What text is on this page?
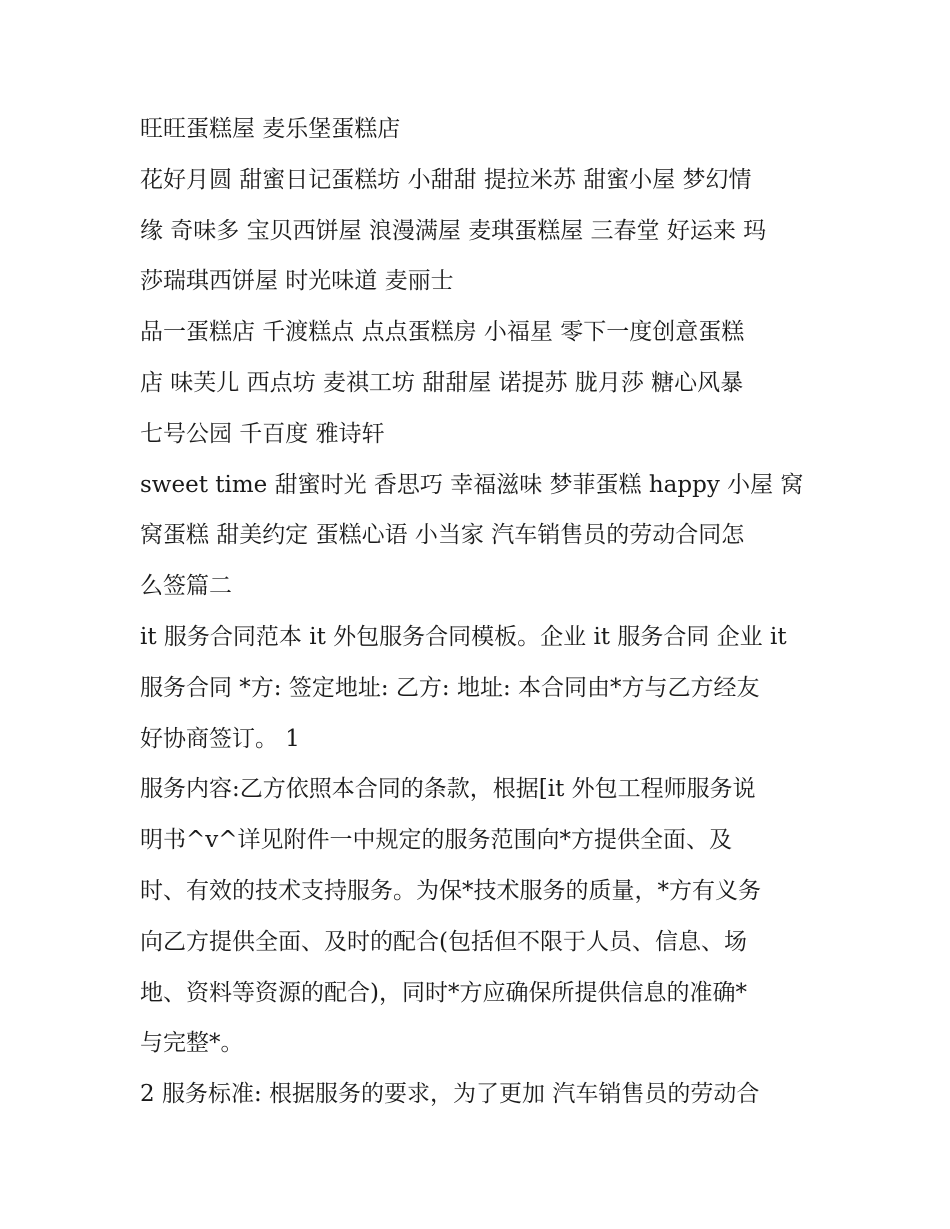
旺旺蛋糕屋 麦乐堡蛋糕店

花好月圆 甜蜜日记蛋糕坊 小甜甜 提拉米苏 甜蜜小屋 梦幻情
缘 奇味多 宝贝西饼屋 浪漫满屋 麦琪蛋糕屋 三春堂 好运来 玛
莎瑞琪西饼屋 时光味道 麦丽士

品一蛋糕店 千渡糕点 点点蛋糕房 小福星 零下一度创意蛋糕
店 味芙儿 西点坊 麦祺工坊 甜甜屋 诺提苏 胧月莎 糖心风暴
七号公园 千百度 雅诗轩

sweet time 甜蜜时光 香思巧 幸福滋味 梦菲蛋糕 happy 小屋 窝
窝蛋糕 甜美约定 蛋糕心语 小当家 汽车销售员的劳动合同怎
么签篇二

it 服务合同范本 it 外包服务合同模板。企业 it 服务合同 企业 it
服务合同 *方: 签定地址: 乙方: 地址: 本合同由*方与乙方经友
好协商签订。 1

服务内容:乙方依照本合同的条款，根据[it 外包工程师服务说
明书^v^详见附件一中规定的服务范围向*方提供全面、及
时、有效的技术支持服务。为保*技术服务的质量，*方有义务
向乙方提供全面、及时的配合(包括但不限于人员、信息、场
地、资料等资源的配合)，同时*方应确保所提供信息的准确*
与完整*。

2 服务标准: 根据服务的要求，为了更加 汽车销售员的劳动合
